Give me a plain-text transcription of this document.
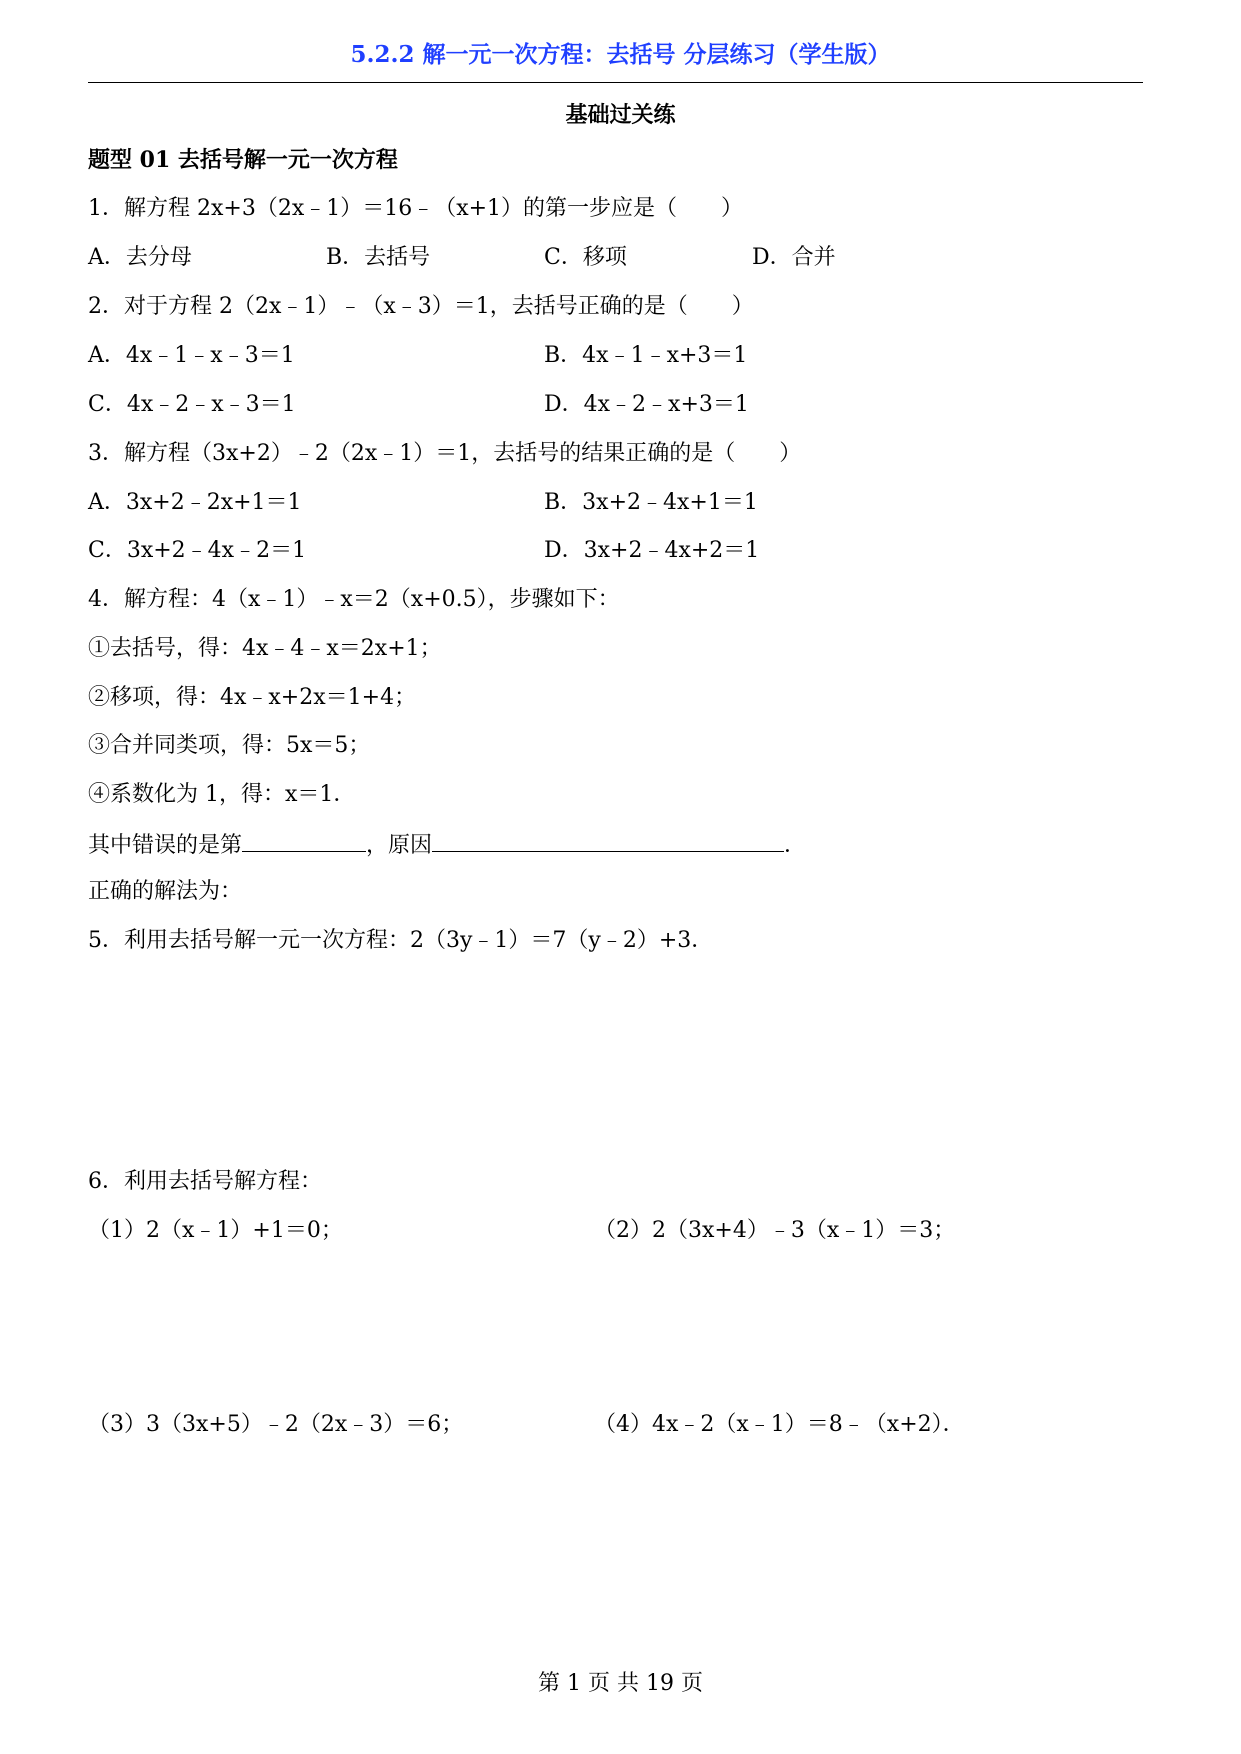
5.2.2 解一元一次方程：去括号 分层练习（学生版）
基础过关练
题型 01 去括号解一元一次方程
1．解方程 2x+3（2x﹣1）＝16﹣（x+1）的第一步应是（　　）
A．去分母	B．去括号	C．移项	D．合并
2．对于方程 2（2x﹣1）﹣（x﹣3）＝1，去括号正确的是（　　）
A．4x﹣1﹣x﹣3＝1	B．4x﹣1﹣x+3＝1
C．4x﹣2﹣x﹣3＝1	D．4x﹣2﹣x+3＝1
3．解方程（3x+2）﹣2（2x﹣1）＝1，去括号的结果正确的是（　　）
A．3x+2﹣2x+1＝1	B．3x+2﹣4x+1＝1
C．3x+2﹣4x﹣2＝1	D．3x+2﹣4x+2＝1
4．解方程：4（x﹣1）﹣x＝2（x+0.5），步骤如下：
①去括号，得：4x﹣4﹣x＝2x+1；
②移项，得：4x﹣x+2x＝1+4；
③合并同类项，得：5x＝5；
④系数化为 1，得：x＝1．
其中错误的是第	，原因	．
正确的解法为：
5．利用去括号解一元一次方程：2（3y﹣1）＝7（y﹣2）+3．
6．利用去括号解方程：
（1）2（x﹣1）+1＝0；	（2）2（3x+4）﹣3（x﹣1）＝3；
（3）3（3x+5）﹣2（2x﹣3）＝6；	（4）4x﹣2（x﹣1）＝8﹣（x+2）．
第 1 页 共 19 页
